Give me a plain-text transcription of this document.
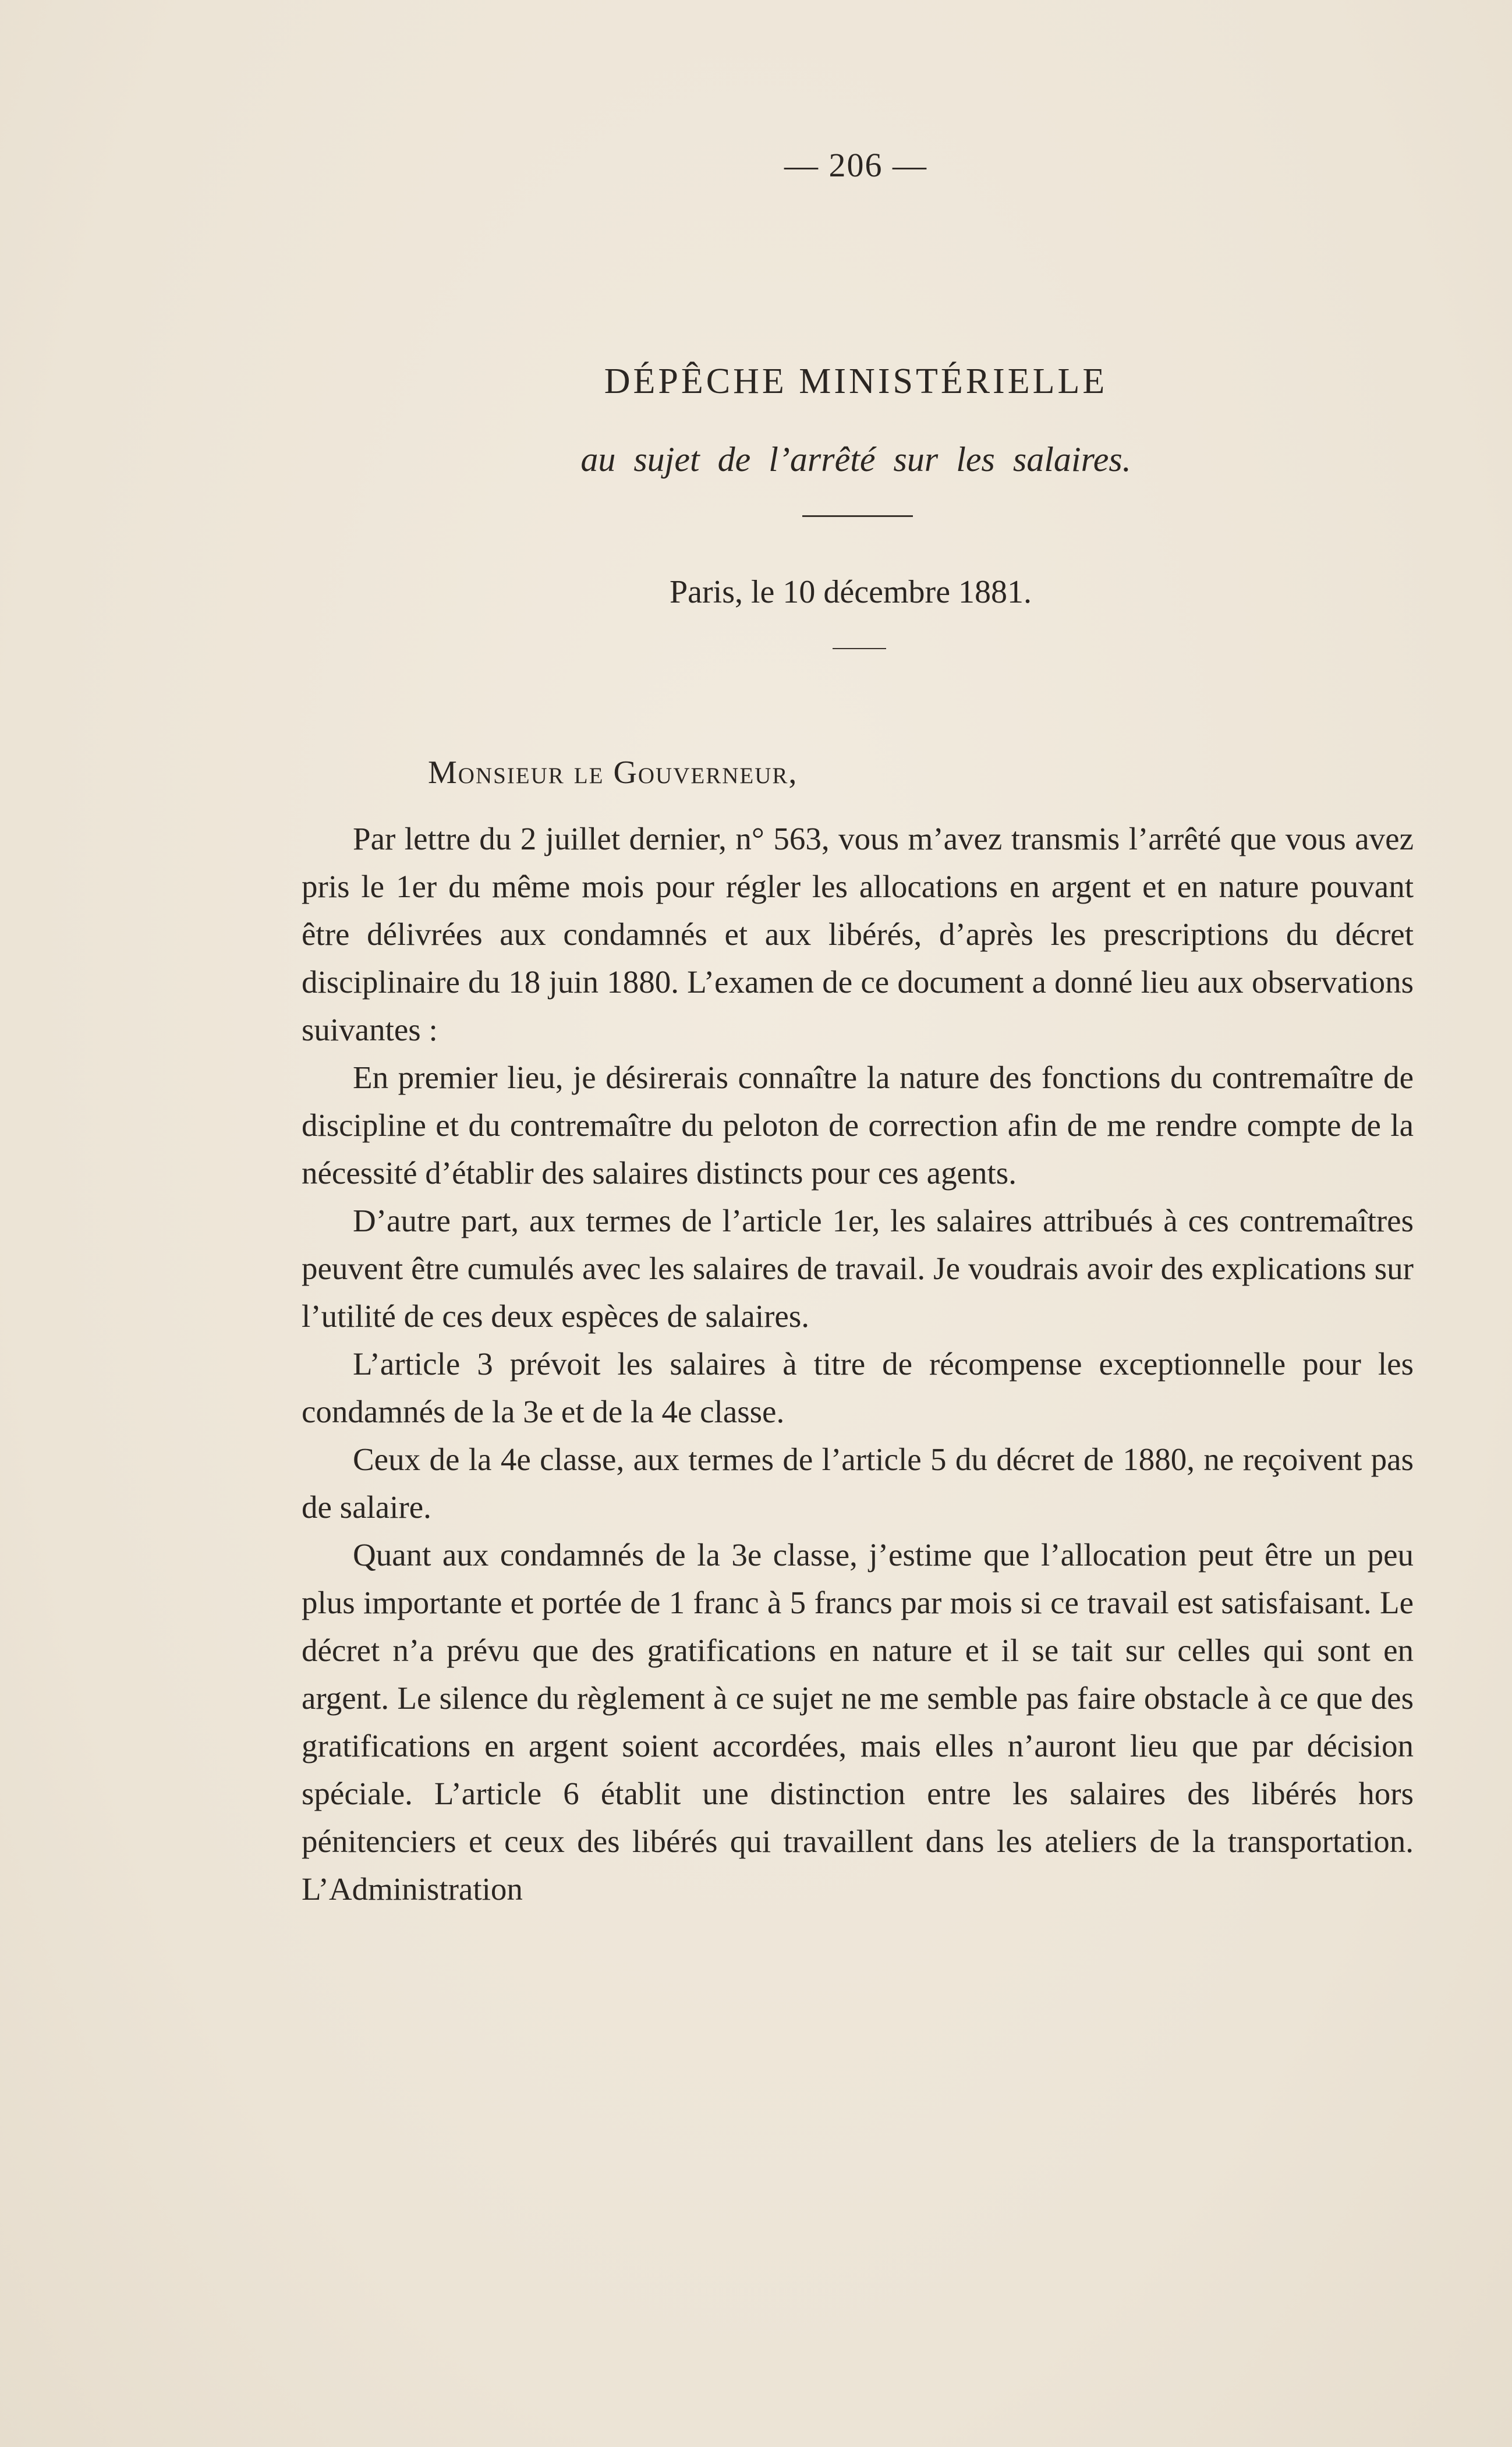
— 206 —
DÉPÊCHE MINISTÉRIELLE
au sujet de l’arrêté sur les salaires.
Paris, le 10 décembre 1881.
Monsieur le Gouverneur,

Par lettre du 2 juillet dernier, n° 563, vous m’avez transmis l’arrêté que vous avez pris le 1er du même mois pour régler les allocations en argent et en nature pouvant être délivrées aux condamnés et aux libérés, d’après les prescriptions du décret disciplinaire du 18 juin 1880. L’examen de ce document a donné lieu aux observations suivantes :

En premier lieu, je désirerais connaître la nature des fonctions du contremaître de discipline et du contremaître du peloton de correction afin de me rendre compte de la nécessité d’établir des salaires distincts pour ces agents.

D’autre part, aux termes de l’article 1er, les salaires attribués à ces contremaîtres peuvent être cumulés avec les salaires de travail. Je voudrais avoir des explications sur l’utilité de ces deux espèces de salaires.

L’article 3 prévoit les salaires à titre de récompense exceptionnelle pour les condamnés de la 3e et de la 4e classe.

Ceux de la 4e classe, aux termes de l’article 5 du décret de 1880, ne reçoivent pas de salaire.

Quant aux condamnés de la 3e classe, j’estime que l’allocation peut être un peu plus importante et portée de 1 franc à 5 francs par mois si ce travail est satisfaisant. Le décret n’a prévu que des gratifications en nature et il se tait sur celles qui sont en argent. Le silence du règlement à ce sujet ne me semble pas faire obstacle à ce que des gratifications en argent soient accordées, mais elles n’auront lieu que par décision spéciale. L’article 6 établit une distinction entre les salaires des libérés hors pénitenciers et ceux des libérés qui travaillent dans les ateliers de la transportation. L’Administration
